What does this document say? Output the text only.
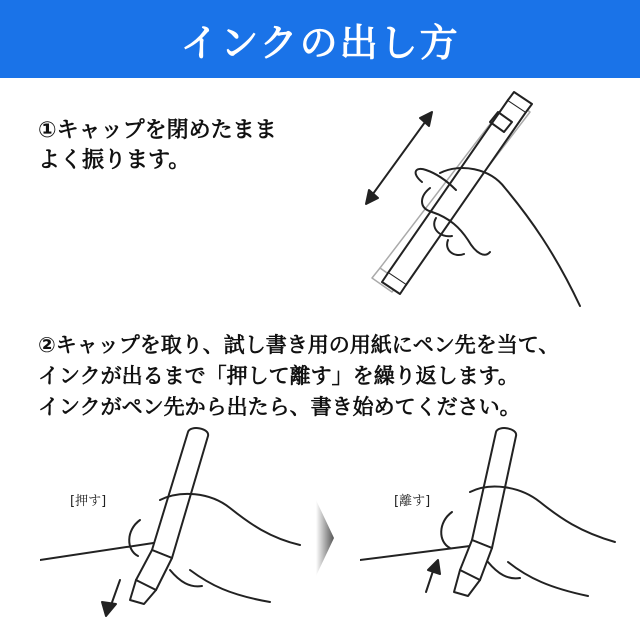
インクの出し方
①キャップを閉めたまま
よく振ります。
②キャップを取り、試し書き用の用紙にペン先を当て、
インクが出るまで「押して離す」を繰り返します。
インクがペン先から出たら、書き始めてください。
[押す]	[離す]
